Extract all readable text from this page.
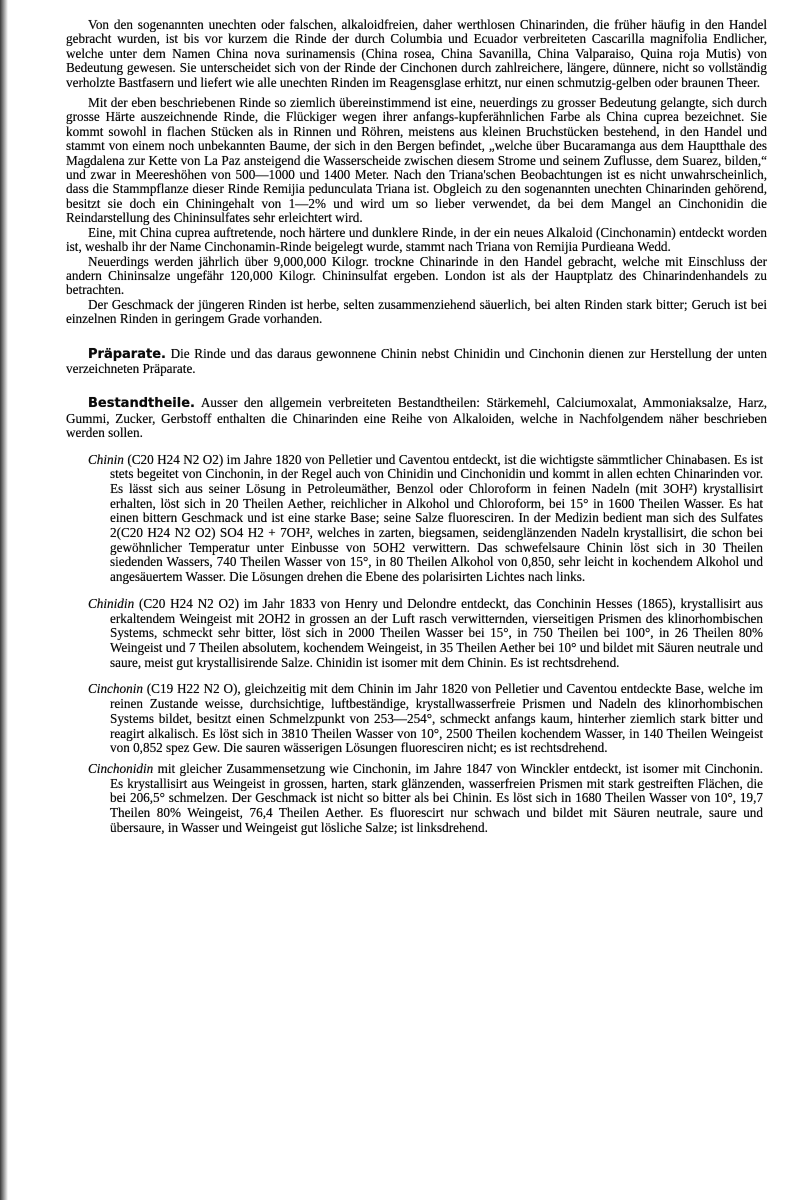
Von den sogenannten unechten oder falschen, alkaloidfreien, daher werthlosen Chinarinden, die früher häufig in den Handel gebracht wurden, ist bis vor kurzem die Rinde der durch Columbia und Ecuador verbreiteten Cascarilla magnifolia Endlicher, welche unter dem Namen China nova surinamensis (China rosea, China Savanilla, China Valparaiso, Quina roja Mutis) von Bedeutung gewesen. Sie unterscheidet sich von der Rinde der Cinchonen durch zahlreichere, längere, dünnere, nicht so vollständig verholzte Bastfasern und liefert wie alle unechten Rinden im Reagensglase erhitzt, nur einen schmutzig-gelben oder braunen Theer.

Mit der eben beschriebenen Rinde so ziemlich übereinstimmend ist eine, neuerdings zu grosser Bedeutung gelangte, sich durch grosse Härte auszeichnende Rinde, die Flückiger wegen ihrer anfangs-kupferähnlichen Farbe als China cuprea bezeichnet. Sie kommt sowohl in flachen Stücken als in Rinnen und Röhren, meistens aus kleinen Bruchstücken bestehend, in den Handel und stammt von einem noch unbekannten Baume, der sich in den Bergen befindet, „welche über Bucaramanga aus dem Hauptthale des Magdalena zur Kette von La Paz ansteigend die Wasserscheide zwischen diesem Strome und seinem Zuflusse, dem Suarez, bilden,“ und zwar in Meereshöhen von 500—1000 und 1400 Meter. Nach den Triana'schen Beobachtungen ist es nicht unwahrscheinlich, dass die Stammpflanze dieser Rinde Remijia pedunculata Triana ist. Obgleich zu den sogenannten unechten Chinarinden gehörend, besitzt sie doch ein Chiningehalt von 1—2% und wird um so lieber verwendet, da bei dem Mangel an Cinchonidin die Reindarstellung des Chininsulfates sehr erleichtert wird.

Eine, mit China cuprea auftretende, noch härtere und dunklere Rinde, in der ein neues Alkaloid (Cinchonamin) entdeckt worden ist, weshalb ihr der Name Cinchonamin-Rinde beigelegt wurde, stammt nach Triana von Remijia Purdieana Wedd.

Neuerdings werden jährlich über 9,000,000 Kilogr. trockne Chinarinde in den Handel gebracht, welche mit Einschluss der andern Chininsalze ungefähr 120,000 Kilogr. Chininsulfat ergeben. London ist als der Hauptplatz des Chinarindenhandels zu betrachten.

Der Geschmack der jüngeren Rinden ist herbe, selten zusammenziehend säuerlich, bei alten Rinden stark bitter; Geruch ist bei einzelnen Rinden in geringem Grade vorhanden.

Präparate. Die Rinde und das daraus gewonnene Chinin nebst Chinidin und Cinchonin dienen zur Herstellung der unten verzeichneten Präparate.

Bestandtheile. Ausser den allgemein verbreiteten Bestandtheilen: Stärkemehl, Calciumoxalat, Ammoniaksalze, Harz, Gummi, Zucker, Gerbstoff enthalten die Chinarinden eine Reihe von Alkaloiden, welche in Nachfolgendem näher beschrieben werden sollen.

Chinin (C20 H24 N2 O2) im Jahre 1820 von Pelletier und Caventou entdeckt, ist die wichtigste sämmtlicher Chinabasen. Es ist stets begeitet von Cinchonin, in der Regel auch von Chinidin und Cinchonidin und kommt in allen echten Chinarinden vor. Es lässt sich aus seiner Lösung in Petroleumäther, Benzol oder Chloroform in feinen Nadeln (mit 3OH²) krystallisirt erhalten, löst sich in 20 Theilen Aether, reichlicher in Alkohol und Chloroform, bei 15° in 1600 Theilen Wasser. Es hat einen bittern Geschmack und ist eine starke Base; seine Salze fluoresciren. In der Medizin bedient man sich des Sulfates 2(C20 H24 N2 O2) SO4 H2 + 7OH², welches in zarten, biegsamen, seidenglänzenden Nadeln krystallisirt, die schon bei gewöhnlicher Temperatur unter Einbusse von 5OH2 verwittern. Das schwefelsaure Chinin löst sich in 30 Theilen siedenden Wassers, 740 Theilen Wasser von 15°, in 80 Theilen Alkohol von 0,850, sehr leicht in kochendem Alkohol und angesäuertem Wasser. Die Lösungen drehen die Ebene des polarisirten Lichtes nach links.

Chinidin (C20 H24 N2 O2) im Jahr 1833 von Henry und Delondre entdeckt, das Conchinin Hesses (1865), krystallisirt aus erkaltendem Weingeist mit 2OH2 in grossen an der Luft rasch verwitternden, vierseitigen Prismen des klinorhombischen Systems, schmeckt sehr bitter, löst sich in 2000 Theilen Wasser bei 15°, in 750 Theilen bei 100°, in 26 Theilen 80% Weingeist und 7 Theilen absolutem, kochendem Weingeist, in 35 Theilen Aether bei 10° und bildet mit Säuren neutrale und saure, meist gut krystallisirende Salze. Chinidin ist isomer mit dem Chinin. Es ist rechtsdrehend.

Cinchonin (C19 H22 N2 O), gleichzeitig mit dem Chinin im Jahr 1820 von Pelletier und Caventou entdeckte Base, welche im reinen Zustande weisse, durchsichtige, luftbeständige, krystallwasserfreie Prismen und Nadeln des klinorhombischen Systems bildet, besitzt einen Schmelzpunkt von 253—254°, schmeckt anfangs kaum, hinterher ziemlich stark bitter und reagirt alkalisch. Es löst sich in 3810 Theilen Wasser von 10°, 2500 Theilen kochendem Wasser, in 140 Theilen Weingeist von 0,852 spez Gew. Die sauren wässerigen Lösungen fluoresciren nicht; es ist rechtsdrehend.

Cinchonidin mit gleicher Zusammensetzung wie Cinchonin, im Jahre 1847 von Winckler entdeckt, ist isomer mit Cinchonin. Es krystallisirt aus Weingeist in grossen, harten, stark glänzenden, wasserfreien Prismen mit stark gestreiften Flächen, die bei 206,5° schmelzen. Der Geschmack ist nicht so bitter als bei Chinin. Es löst sich in 1680 Theilen Wasser von 10°, 19,7 Theilen 80% Weingeist, 76,4 Theilen Aether. Es fluorescirt nur schwach und bildet mit Säuren neutrale, saure und übersaure, in Wasser und Weingeist gut lösliche Salze; ist linksdrehend.
